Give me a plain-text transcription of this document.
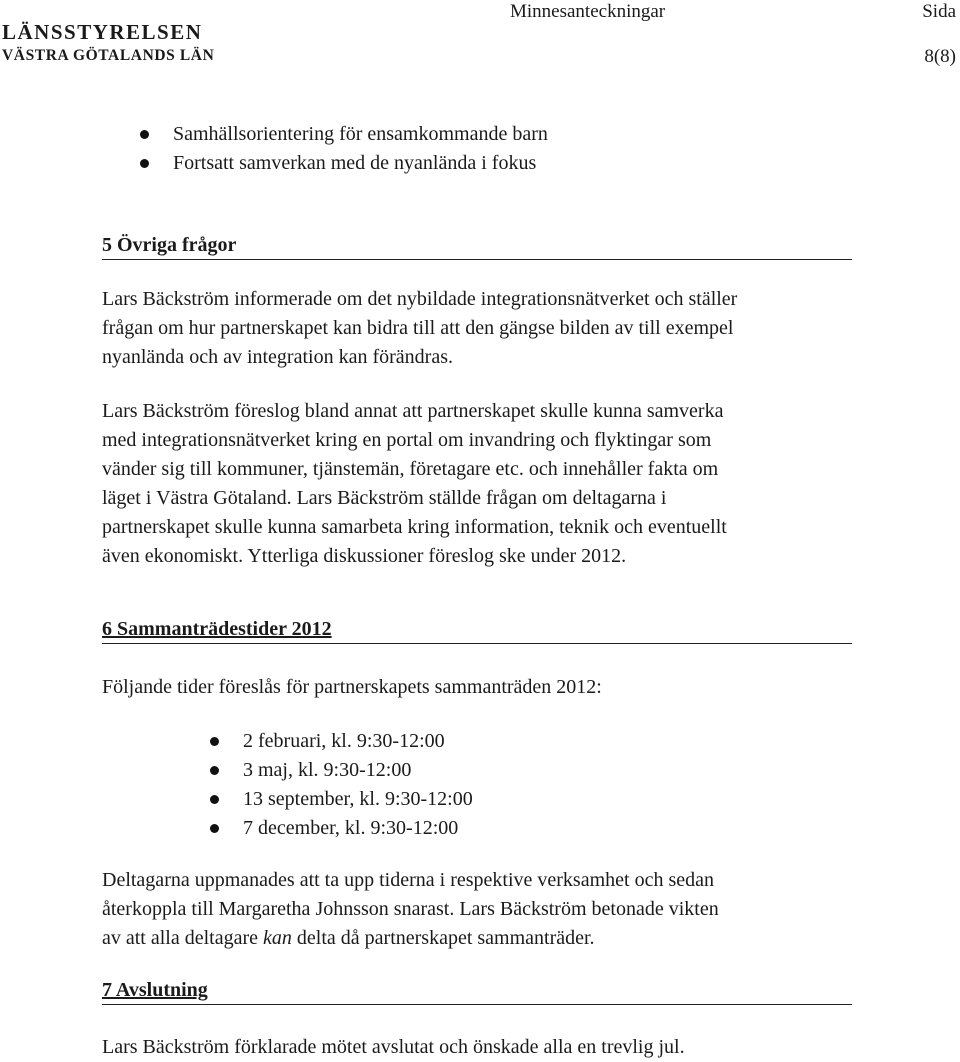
LÄNSSTYRELSEN
VÄSTRA GÖTALANDS LÄN
Minnesanteckningar	Sida
8(8)
Samhällsorientering för ensamkommande barn
Fortsatt samverkan med de nyanlända i fokus
5 Övriga frågor
Lars Bäckström informerade om det nybildade integrationsnätverket och ställer
frågan om hur partnerskapet kan bidra till att den gängse bilden av till exempel
nyanlända och av integration kan förändras.
Lars Bäckström föreslog bland annat att partnerskapet skulle kunna samverka
med integrationsnätverket kring en portal om invandring och flyktingar som
vänder sig till kommuner, tjänstemän, företagare etc. och innehåller fakta om
läget i Västra Götaland. Lars Bäckström ställde frågan om deltagarna i
partnerskapet skulle kunna samarbeta kring information, teknik och eventuellt
även ekonomiskt. Ytterliga diskussioner föreslog ske under 2012.
6 Sammanträdestider 2012
Följande tider föreslås för partnerskapets sammanträden 2012:
2 februari, kl. 9:30-12:00
3 maj, kl. 9:30-12:00
13 september, kl. 9:30-12:00
7 december, kl. 9:30-12:00
Deltagarna uppmanades att ta upp tiderna i respektive verksamhet och sedan
återkoppla till Margaretha Johnsson snarast. Lars Bäckström betonade vikten
av att alla deltagare kan delta då partnerskapet sammanträder.
7 Avslutning
Lars Bäckström förklarade mötet avslutat och önskade alla en trevlig jul.
